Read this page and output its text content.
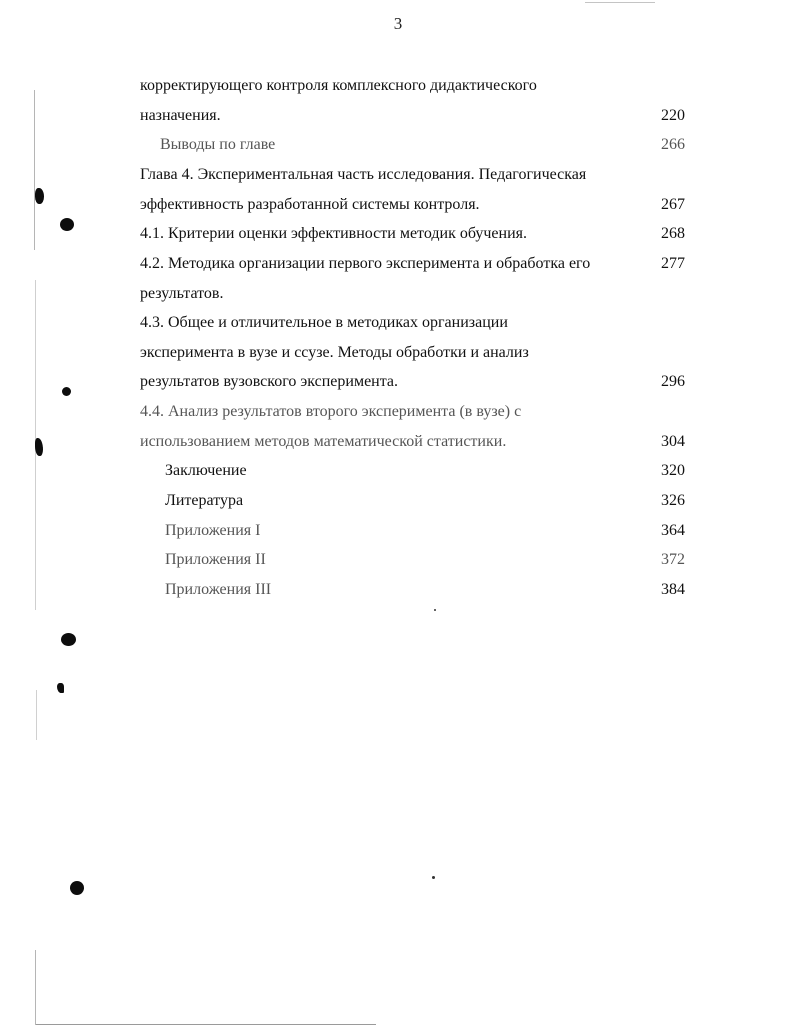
3
корректирующего контроля комплексного дидактического
назначения.	220
Выводы по главе	266
Глава 4. Экспериментальная часть исследования. Педагогическая
эффективность разработанной системы контроля.	267
4.1. Критерии оценки эффективности методик обучения.	268
4.2. Методика организации первого эксперимента и обработка его	277
результатов.
4.3. Общее и отличительное в методиках организации
эксперимента в вузе и ссузе. Методы обработки и анализ
результатов вузовского эксперимента.	296
4.4. Анализ результатов второго эксперимента (в вузе) с
использованием методов математической статистики.	304
Заключение	320
Литература	326
Приложения I	364
Приложения II	372
Приложения III	384
